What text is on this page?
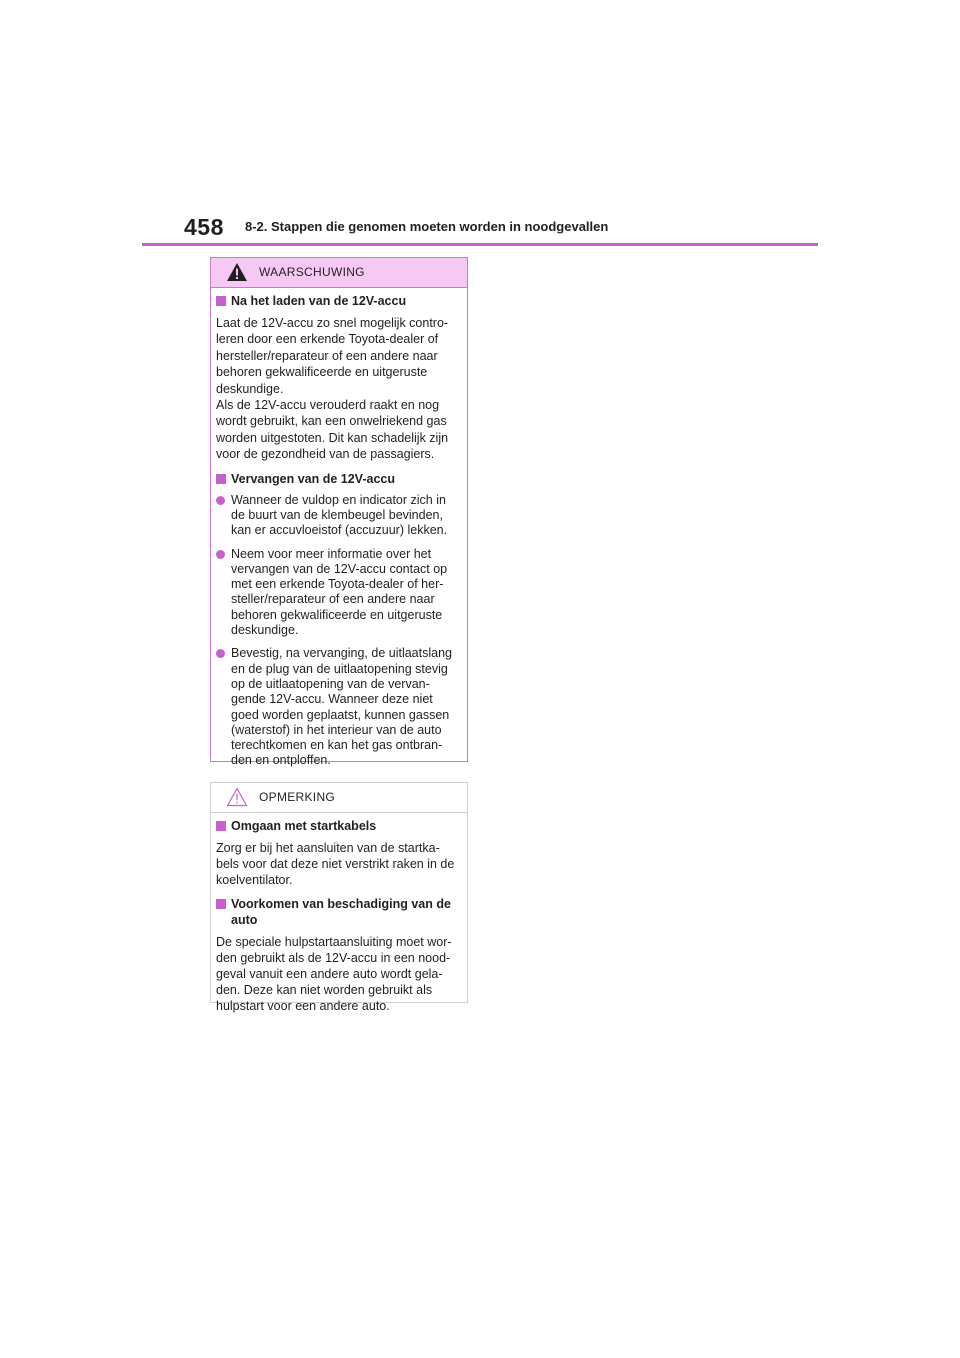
458 8-2. Stappen die genomen moeten worden in noodgevallen
WAARSCHUWING
Na het laden van de 12V-accu
Laat de 12V-accu zo snel mogelijk contro-leren door een erkende Toyota-dealer of hersteller/reparateur of een andere naar behoren gekwalificeerde en uitgeruste deskundige.
Als de 12V-accu verouderd raakt en nog wordt gebruikt, kan een onwelriekend gas worden uitgestoten. Dit kan schadelijk zijn voor de gezondheid van de passagiers.
Vervangen van de 12V-accu
Wanneer de vuldop en indicator zich in de buurt van de klembeugel bevinden, kan er accuvloeistof (accuzuur) lekken.
Neem voor meer informatie over het vervangen van de 12V-accu contact op met een erkende Toyota-dealer of her-steller/reparateur of een andere naar behoren gekwalificeerde en uitgeruste deskundige.
Bevestig, na vervanging, de uitlaatslang en de plug van de uitlaatopening stevig op de uitlaatopening van de vervan-gende 12V-accu. Wanneer deze niet goed worden geplaatst, kunnen gassen (waterstof) in het interieur van de auto terechtkomen en kan het gas ontbran-den en ontploffen.
OPMERKING
Omgaan met startkabels
Zorg er bij het aansluiten van de startka-bels voor dat deze niet verstrikt raken in de koelventilator.
Voorkomen van beschadiging van de auto
De speciale hulpstartaansluiting moet wor-den gebruikt als de 12V-accu in een nood-geval vanuit een andere auto wordt gela-den. Deze kan niet worden gebruikt als hulpstart voor een andere auto.
